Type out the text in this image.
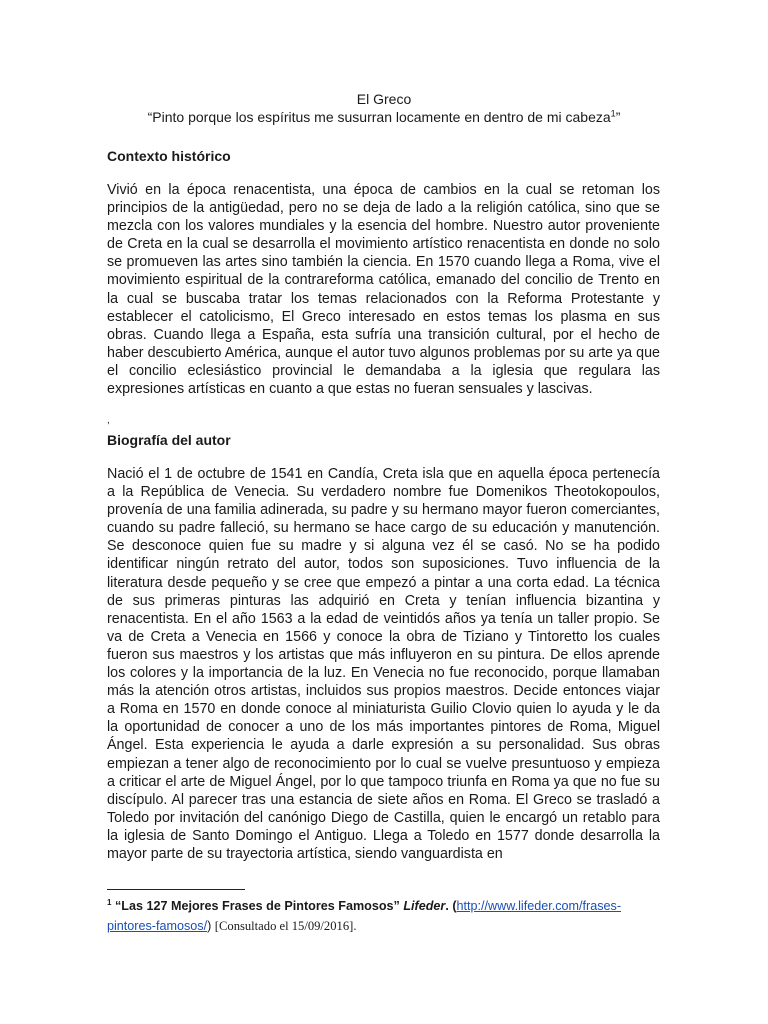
El Greco
“Pinto porque los espíritus me susurran locamente en dentro de mi cabeza$^1$”
Contexto histórico
Vivió en la época renacentista, una época de cambios en la cual se retoman los principios de la antigüedad, pero no se deja de lado a la religión católica, sino que se mezcla con los valores mundiales y la esencia del hombre. Nuestro autor proveniente de Creta en la cual se desarrolla el movimiento artístico renacentista en donde no solo se promueven las artes sino también la ciencia. En 1570 cuando llega a Roma, vive el movimiento espiritual de la contrareforma católica, emanado del concilio de Trento en la cual se buscaba tratar los temas relacionados con la Reforma Protestante y establecer el catolicismo, El Greco interesado en estos temas los plasma en sus obras. Cuando llega a España, esta sufría una transición cultural, por el hecho de haber descubierto América, aunque el autor tuvo algunos problemas por su arte ya que el concilio eclesiástico provincial le demandaba a la iglesia que regulara las expresiones artísticas en cuanto a que estas no fueran sensuales y lascivas.
,
Biografía del autor
Nació el 1 de octubre de 1541 en Candía, Creta isla que en aquella época pertenecía a la República de Venecia. Su verdadero nombre fue Domenikos Theotokopoulos, provenía de una familia adinerada, su padre y su hermano mayor fueron comerciantes, cuando su padre falleció, su hermano se hace cargo de su educación y manutención. Se desconoce quien fue su madre y si alguna vez él se casó. No se ha podido identificar ningún retrato del autor, todos son suposiciones. Tuvo influencia de la literatura desde pequeño y se cree que empezó a pintar a una corta edad. La técnica de sus primeras pinturas las adquirió en Creta y tenían influencia bizantina y renacentista. En el año 1563 a la edad de veintidós años ya tenía un taller propio. Se va de Creta a Venecia en 1566 y conoce la obra de Tiziano y Tintoretto los cuales fueron sus maestros y los artistas que más influyeron en su pintura. De ellos aprende los colores y la importancia de la luz. En Venecia no fue reconocido, porque llamaban más la atención otros artistas, incluidos sus propios maestros. Decide entonces viajar a Roma en 1570 en donde conoce al miniaturista Guilio Clovio quien lo ayuda y le da la oportunidad de conocer a uno de los más importantes pintores de Roma, Miguel Ángel. Esta experiencia le ayuda a darle expresión a su personalidad. Sus obras empiezan a tener algo de reconocimiento por lo cual se vuelve presuntuoso y empieza a criticar el arte de Miguel Ángel, por lo que tampoco triunfa en Roma ya que no fue su discípulo. Al parecer tras una estancia de siete años en Roma. El Greco se trasladó a Toledo por invitación del canónigo Diego de Castilla, quien le encargó un retablo para la iglesia de Santo Domingo el Antiguo. Llega a Toledo en 1577 donde desarrolla la mayor parte de su trayectoria artística, siendo vanguardista en
$^1$ “Las 127 Mejores Frases de Pintores Famosos” Lifeder. (http://www.lifeder.com/frases-pintores-famosos/) [Consultado el 15/09/2016].
